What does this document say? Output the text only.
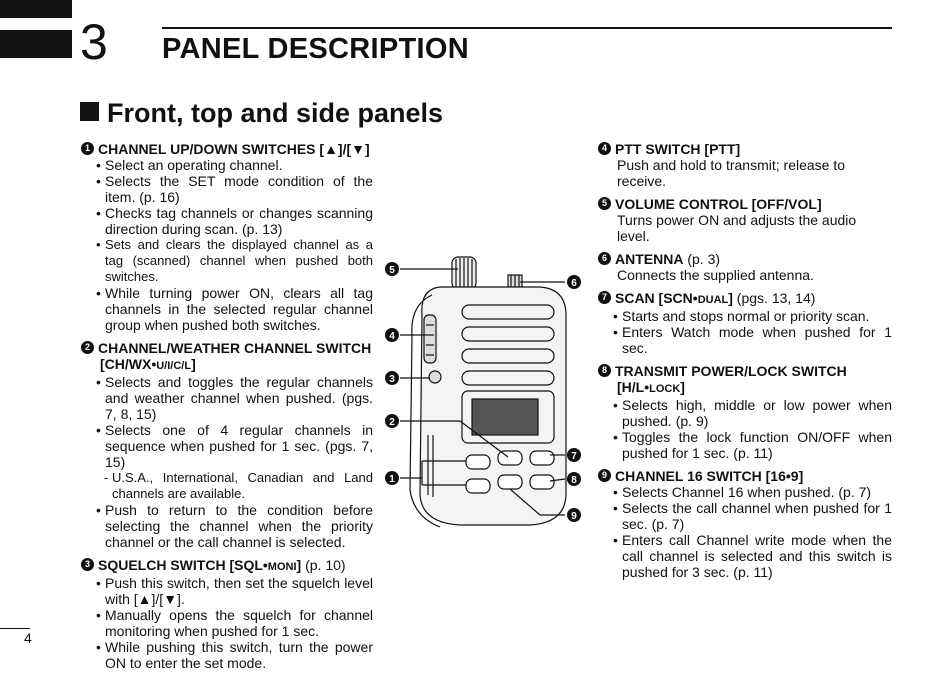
3 PANEL DESCRIPTION
Front, top and side panels
1 CHANNEL UP/DOWN SWITCHES [▲]/[▼]
• Select an operating channel.
• Selects the SET mode condition of the item. (p. 16)
• Checks tag channels or changes scanning direction during scan. (p. 13)
• Sets and clears the displayed channel as a tag (scanned) channel when pushed both switches.
• While turning power ON, clears all tag channels in the selected regular channel group when pushed both switches.
2 CHANNEL/WEATHER CHANNEL SWITCH
[CH/WX•U/I/C/L]
• Selects and toggles the regular channels and weather channel when pushed. (pgs. 7, 8, 15)
• Selects one of 4 regular channels in sequence when pushed for 1 sec. (pgs. 7, 15)
- U.S.A., International, Canadian and Land channels are available.
• Push to return to the condition before selecting the channel when the priority channel or the call channel is selected.
3 SQUELCH SWITCH [SQL•MONI] (p. 10)
• Push this switch, then set the squelch level with [▲]/[▼].
• Manually opens the squelch for channel monitoring when pushed for 1 sec.
• While pushing this switch, turn the power ON to enter the set mode.
4 PTT SWITCH [PTT]
Push and hold to transmit; release to receive.
5 VOLUME CONTROL [OFF/VOL]
Turns power ON and adjusts the audio level.
6 ANTENNA (p. 3)
Connects the supplied antenna.
7 SCAN [SCN•DUAL] (pgs. 13, 14)
• Starts and stops normal or priority scan.
• Enters Watch mode when pushed for 1 sec.
8 TRANSMIT POWER/LOCK SWITCH
[H/L•LOCK]
• Selects high, middle or low power when pushed. (p. 9)
• Toggles the lock function ON/OFF when pushed for 1 sec. (p. 11)
9 CHANNEL 16 SWITCH [16•9]
• Selects Channel 16 when pushed. (p. 7)
• Selects the call channel when pushed for 1 sec. (p. 7)
• Enters call Channel write mode when the call channel is selected and this switch is pushed for 3 sec. (p. 11)
5
4
3
2
1
6
7
8
9
4
